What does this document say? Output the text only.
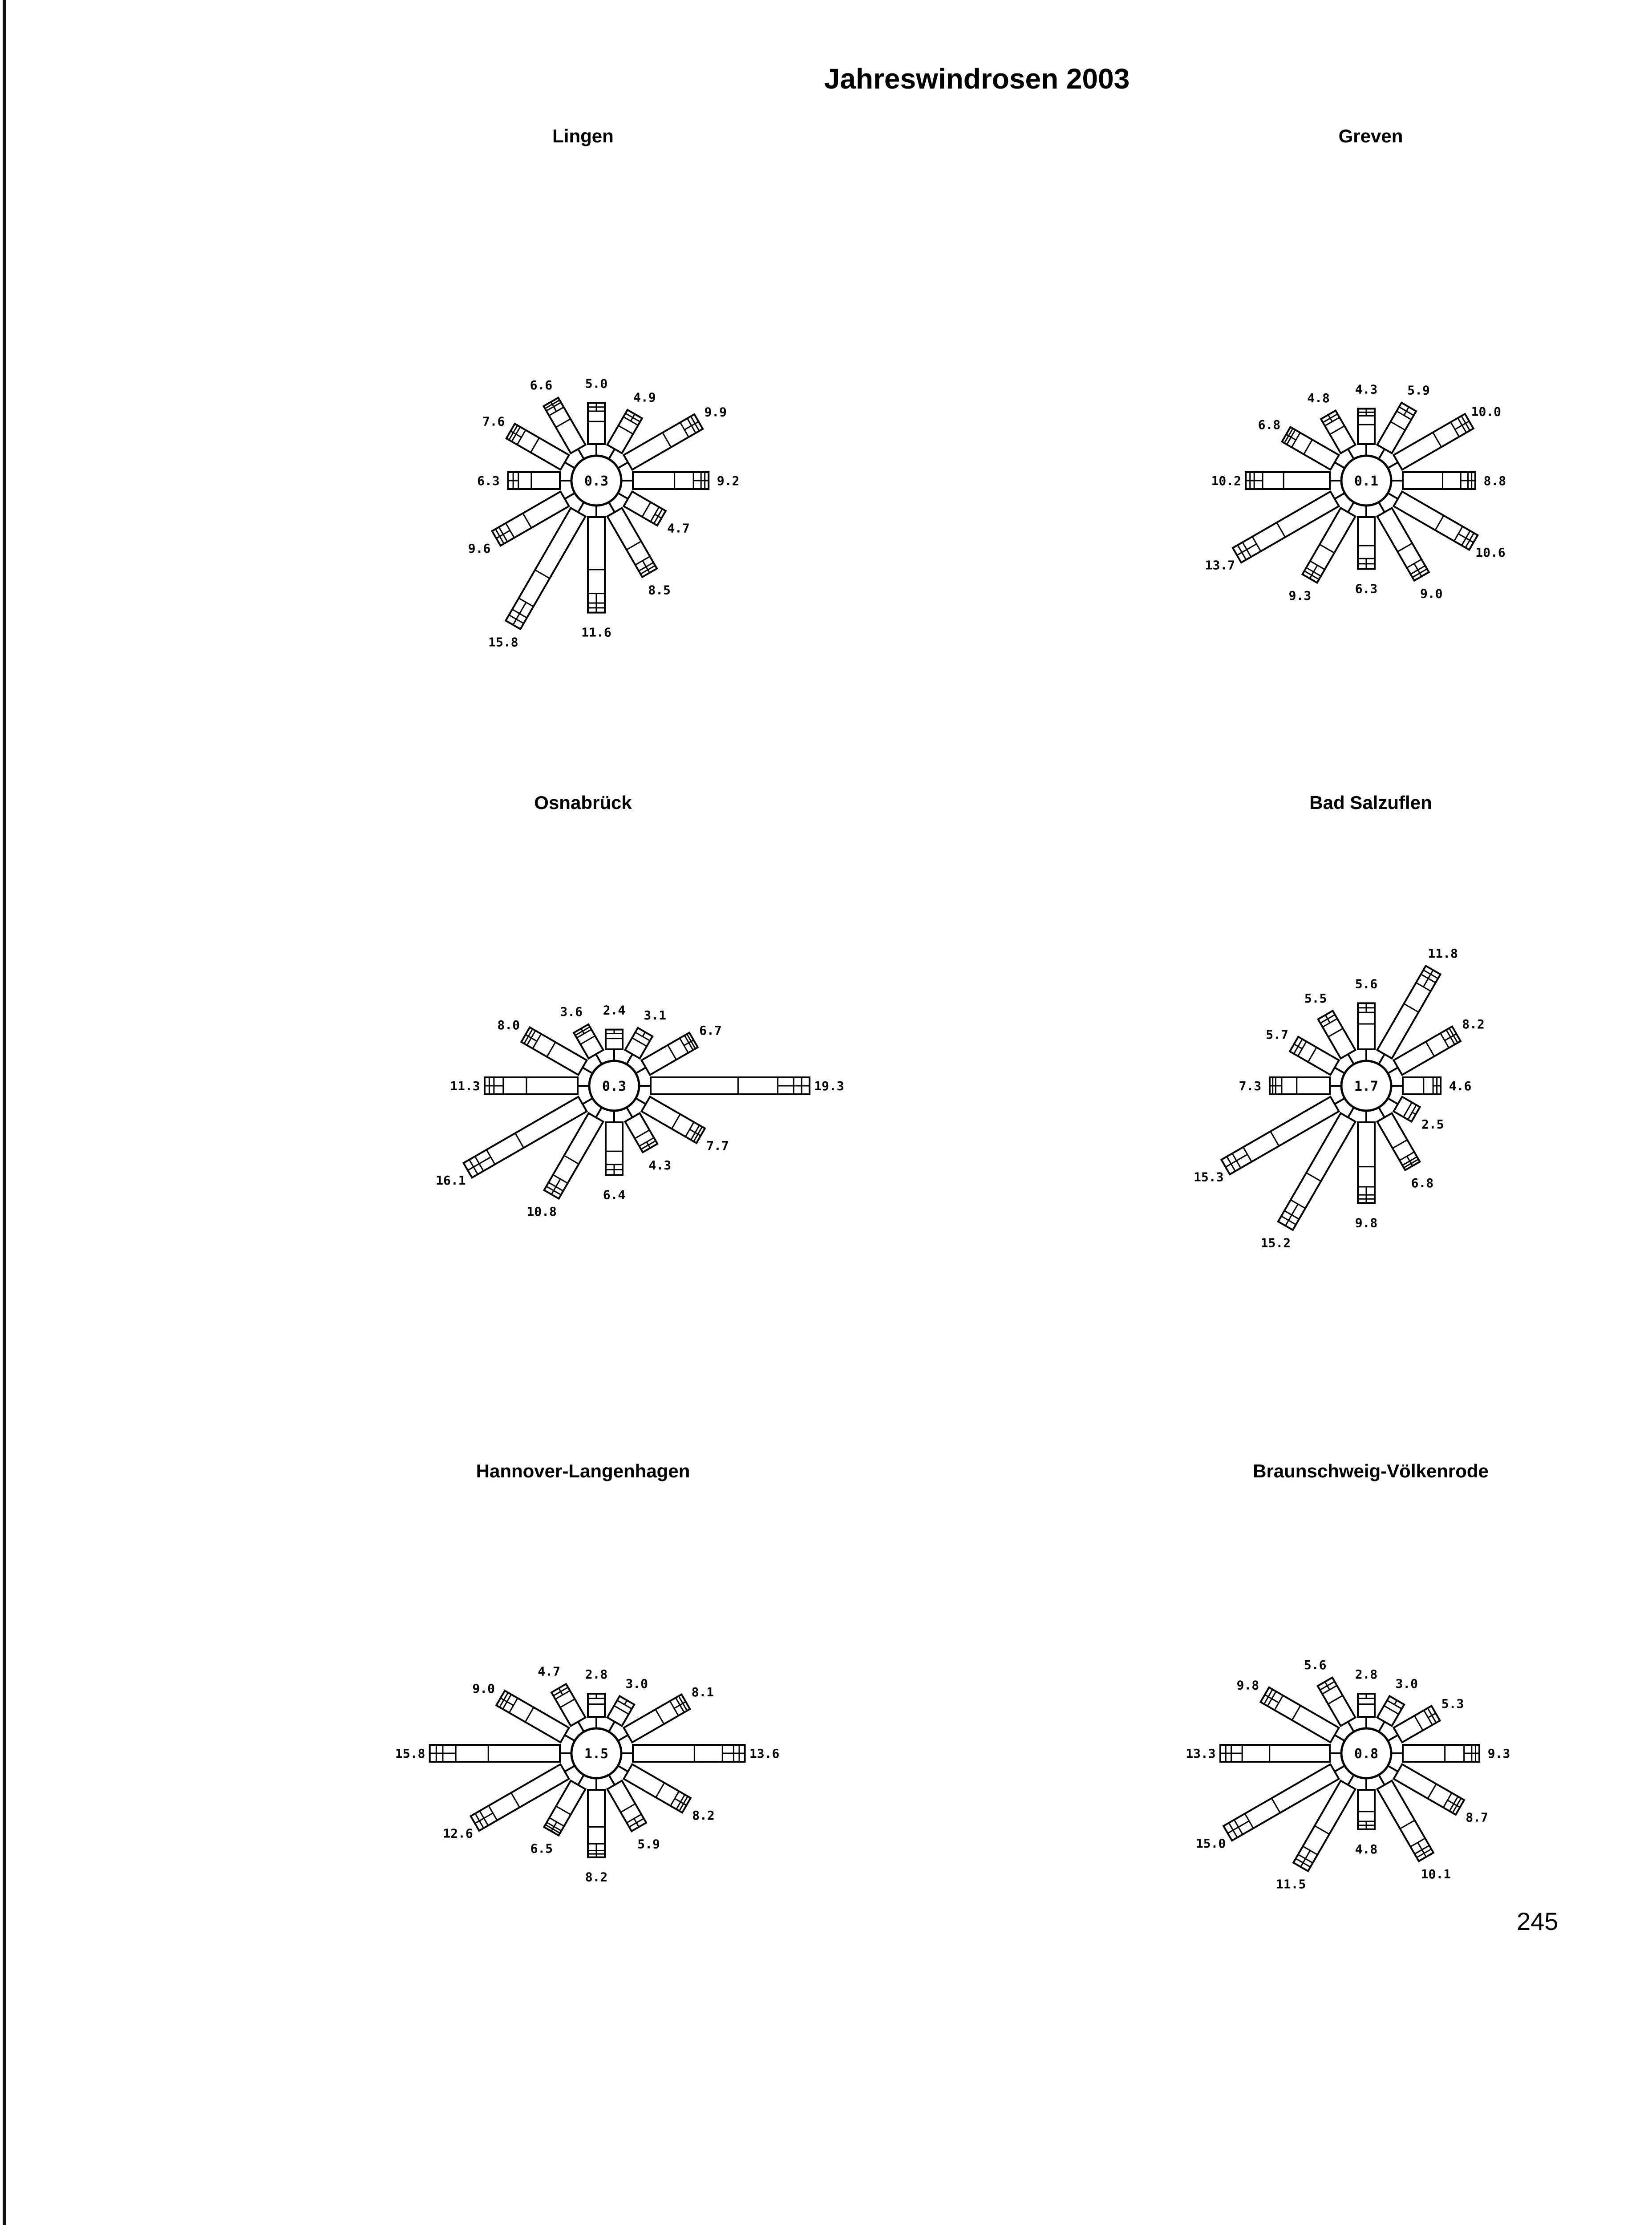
Jahreswindrosen 2003
Lingen	Greven
Osnabrück	Bad Salzuflen
Hannover-Langenhagen	Braunschweig-Völkenrode
5.0
4.9
9.9
9.2
4.7
8.5
11.6
15.8
9.6
6.3
7.6
6.6
0.3
4.3 5.9
10.0
8.8
10.6
9.0
6.3
9.3
13.7
10.2
6.8
4.8
0.1
2.4 3.1
6.7
19.3
7.7
4.3
6.4
10.8
16.1
11.3
8.0
3.6
0.3
5.6
11.8
8.2
4.6
2.5
6.8
9.8
15.2
15.3
7.3
5.7
5.5
1.7
2.8
3.0
8.1
13.6
8.2
5.9
8.2
6.5
12.6
15.8
9.0
4.7
1.5
2.8
3.0
5.3
9.3
8.7
10.1
4.8
11.5
15.0
13.3
9.8
5.6
0.8
245
